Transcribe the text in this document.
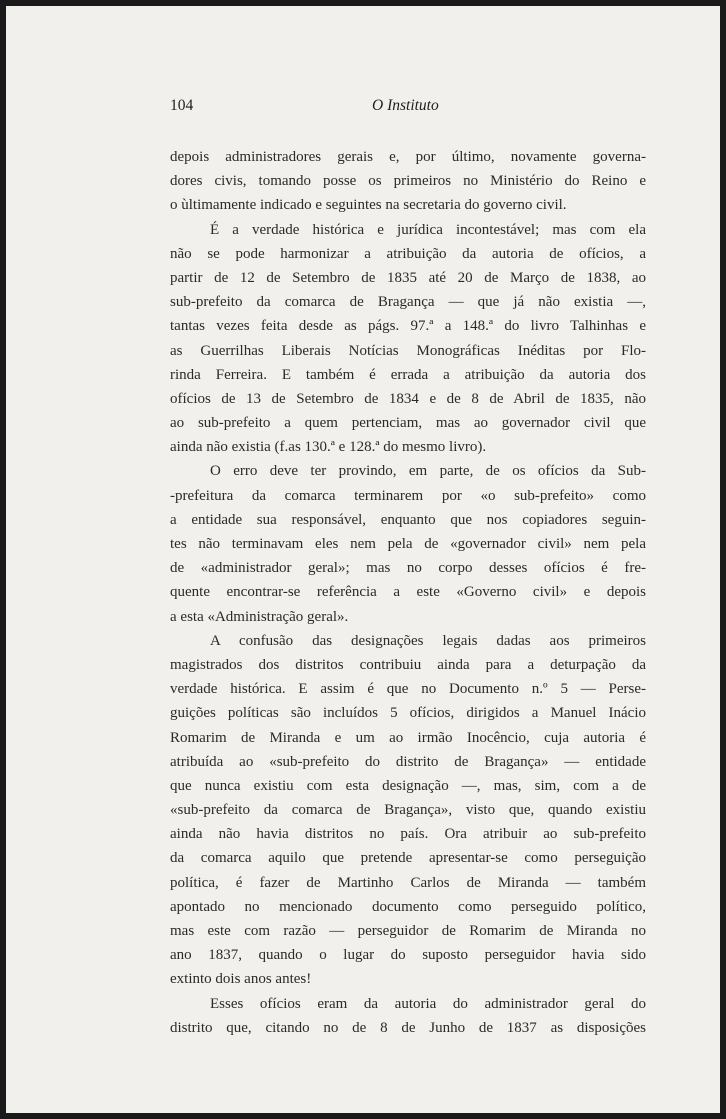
104	O Instituto
depois administradores gerais e, por último, novamente governa-
dores civis, tomando posse os primeiros no Ministério do Reino e
o ùltimamente indicado e seguintes na secretaria do governo civil.
É a verdade histórica e jurídica incontestável; mas com ela
não se pode harmonizar a atribuição da autoria de ofícios, a
partir de 12 de Setembro de 1835 até 20 de Março de 1838, ao
sub-prefeito da comarca de Bragança — que já não existia —,
tantas vezes feita desde as págs. 97.ª a 148.ª do livro Talhinhas e
as Guerrilhas Liberais Notícias Monográficas Inéditas por Flo-
rinda Ferreira. E também é errada a atribuição da autoria dos
ofícios de 13 de Setembro de 1834 e de 8 de Abril de 1835, não
ao sub-prefeito a quem pertenciam, mas ao governador civil que
ainda não existia (f.as 130.ª e 128.ª do mesmo livro).
O erro deve ter provindo, em parte, de os ofícios da Sub-
-prefeitura da comarca terminarem por «o sub-prefeito» como
a entidade sua responsável, enquanto que nos copiadores seguin-
tes não terminavam eles nem pela de «governador civil» nem pela
de «administrador geral»; mas no corpo desses ofícios é fre-
quente encontrar-se referência a este «Governo civil» e depois
a esta «Administração geral».
A confusão das designações legais dadas aos primeiros
magistrados dos distritos contribuiu ainda para a deturpação da
verdade histórica. E assim é que no Documento n.º 5 — Perse-
guições políticas são incluídos 5 ofícios, dirigidos a Manuel Inácio
Romarim de Miranda e um ao irmão Inocêncio, cuja autoria é
atribuída ao «sub-prefeito do distrito de Bragança» — entidade
que nunca existiu com esta designação —, mas, sim, com a de
«sub-prefeito da comarca de Bragança», visto que, quando existiu
ainda não havia distritos no país. Ora atribuir ao sub-prefeito
da comarca aquilo que pretende apresentar-se como perseguição
política, é fazer de Martinho Carlos de Miranda — também
apontado no mencionado documento como perseguido político,
mas este com razão — perseguidor de Romarim de Miranda no
ano 1837, quando o lugar do suposto perseguidor havia sido
extinto dois anos antes!
Esses ofícios eram da autoria do administrador geral do
distrito que, citando no de 8 de Junho de 1837 as disposições
